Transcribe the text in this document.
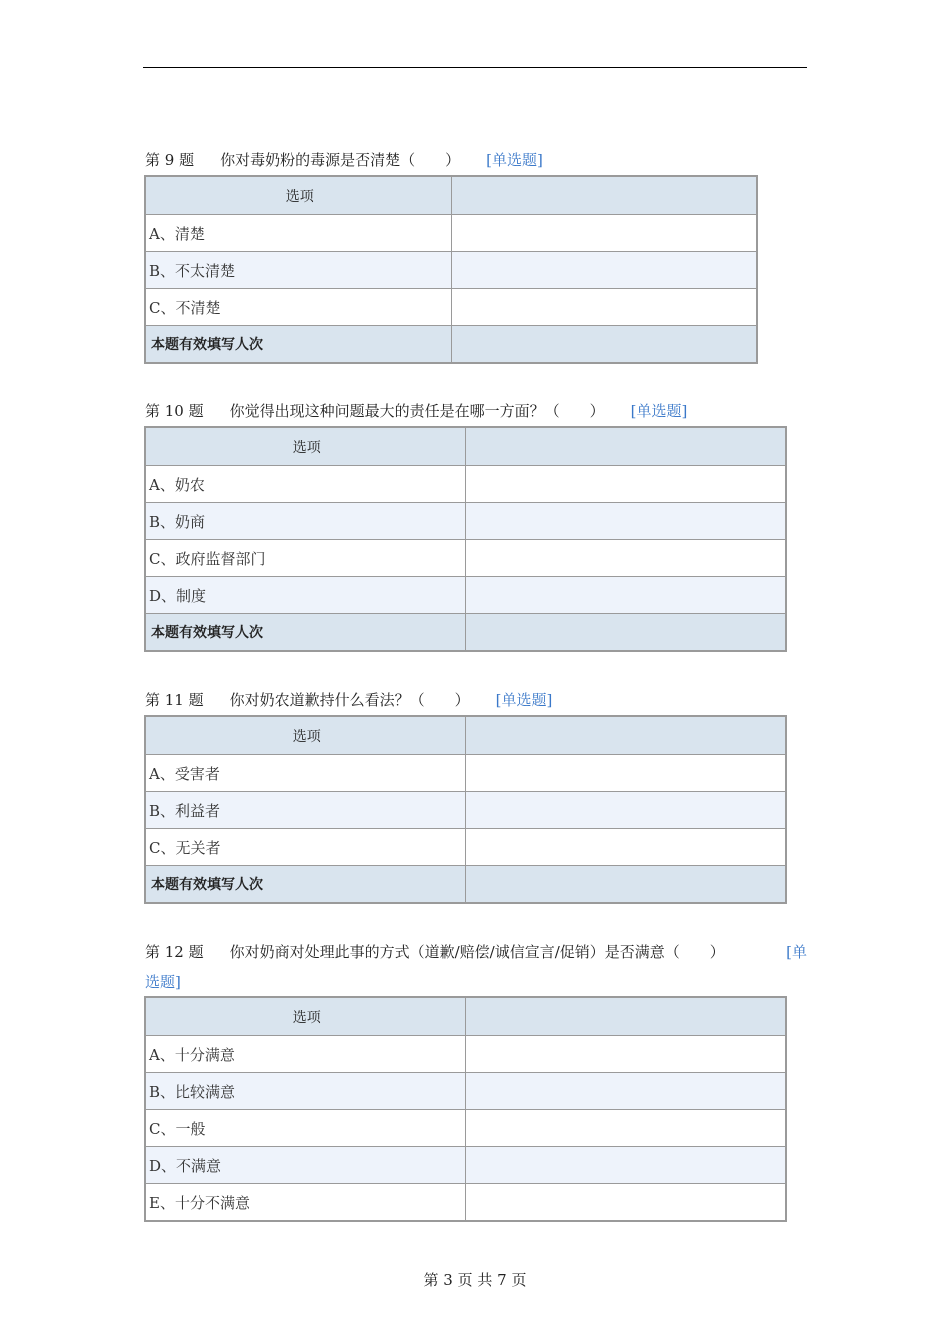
第 9 题 你对毒奶粉的毒源是否清楚（　　） [单选题]
选项	
A、清楚	
B、不太清楚	
C、不清楚	
本题有效填写人次	
第 10 题 你觉得出现这种问题最大的责任是在哪一方面？（　　） [单选题]
选项	
A、奶农	
B、奶商	
C、政府监督部门	
D、制度	
本题有效填写人次	
第 11 题 你对奶农道歉持什么看法？（　　） [单选题]
选项	
A、受害者	
B、利益者	
C、无关者	
本题有效填写人次	
第 12 题 你对奶商对处理此事的方式（道歉/赔偿/诚信宣言/促销）是否满意（　　）	[单
选题]
选项	
A、十分满意	
B、比较满意	
C、一般	
D、不满意	
E、十分不满意	
第 3 页 共 7 页
